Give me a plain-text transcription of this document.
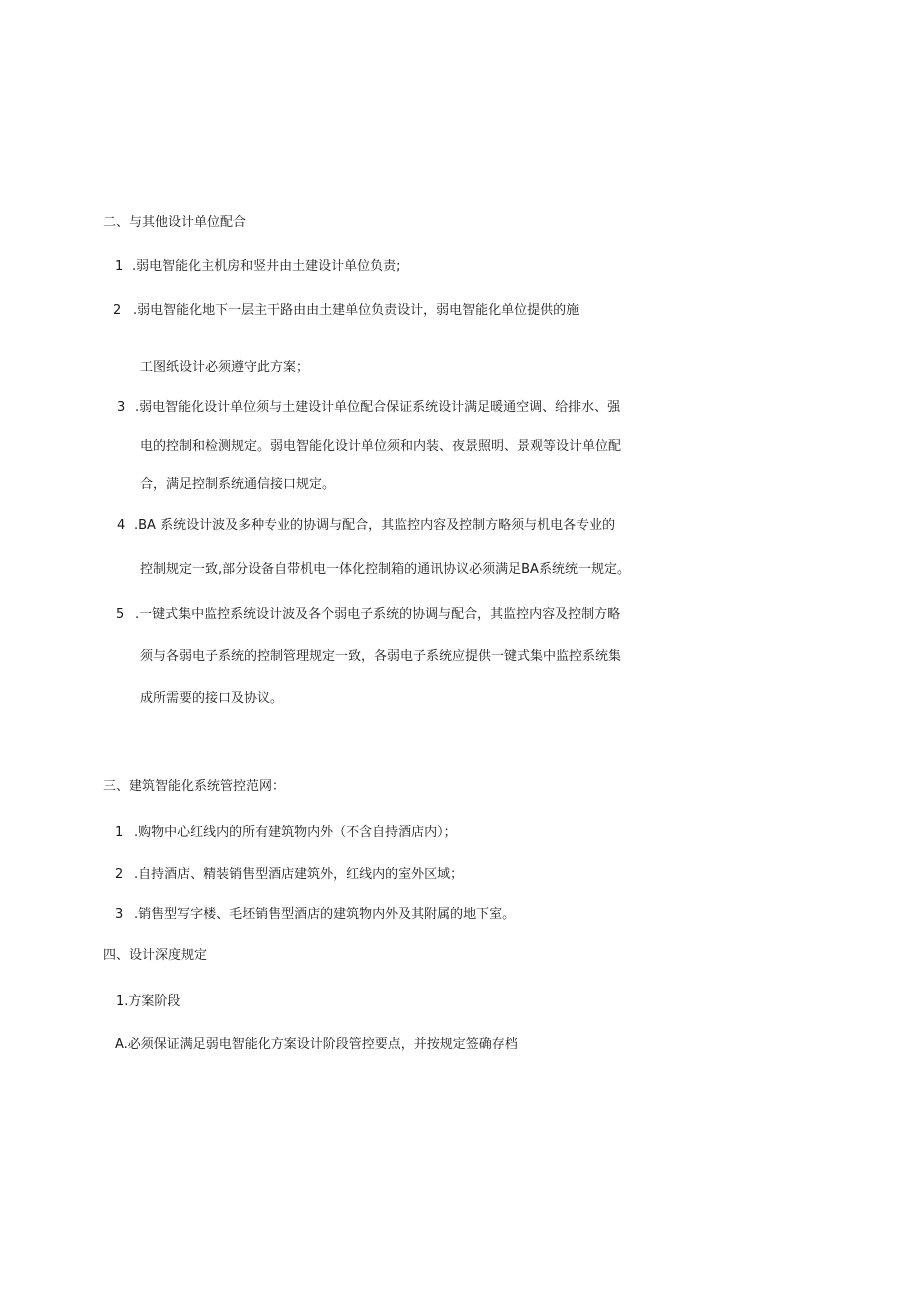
二、与其他设计单位配合
1 .弱电智能化主机房和竖井由土建设计单位负责;
2 .弱电智能化地下一层主干路由由土建单位负责设计，弱电智能化单位提供的施
工图纸设计必须遵守此方案；
3 .弱电智能化设计单位须与土建设计单位配合保证系统设计满足暖通空调、给排水、强
电的控制和检测规定。弱电智能化设计单位须和内装、夜景照明、景观等设计单位配
合，满足控制系统通信接口规定。
4 .BA 系统设计波及多种专业的协调与配合，其监控内容及控制方略须与机电各专业的
控制规定一致,部分设备自带机电一体化控制箱的通讯协议必须满足BA系统统一规定。
5 .一键式集中监控系统设计波及各个弱电子系统的协调与配合，其监控内容及控制方略
须与各弱电子系统的控制管理规定一致，各弱电子系统应提供一键式集中监控系统集
成所需要的接口及协议。
三、建筑智能化系统管控范网：
1 .购物中心红线内的所有建筑物内外（不含自持酒店内）；
2 .自持酒店、精装销售型酒店建筑外，红线内的室外区域；
3 .销售型写字楼、毛坯销售型酒店的建筑物内外及其附属的地下室。
四、设计深度规定
1.方案阶段
A.必须保证满足弱电智能化方案设计阶段管控要点，并按规定签确存档
